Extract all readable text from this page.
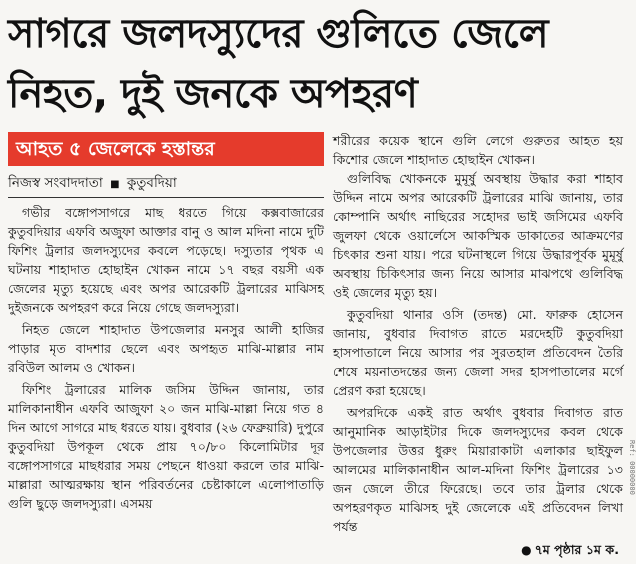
সাগরে জলদস্যুদের গুলিতে জেলে
নিহত, দুই জনকে অপহরণ
আহত ৫ জেলেকে হস্তান্তর
নিজস্ব সংবাদদাতা ■ কুতুবদিয়া

গভীর বঙ্গোপসাগরে মাছ ধরতে গিয়ে কক্সবাজারের কুতুবদিয়ার এফবি অজুফা আক্তার বানু ও আল মদিনা নামে দুটি ফিশিং ট্রলার জলদস্যুদের কবলে পড়েছে। দস্যুতার পৃথক এ ঘটনায় শাহাদাত হোছাইন খোকন নামে ১৭ বছর বয়সী এক জেলের মৃত্যু হয়েছে এবং অপর আরেকটি ট্রলারের মাঝিসহ দুইজনকে অপহরণ করে নিয়ে গেছে জলদস্যুরা।

নিহত জেলে শাহাদাত উপজেলার মনসুর আলী হাজির পাড়ার মৃত বাদশার ছেলে এবং অপহৃত মাঝি-মাল্লার নাম রবিউল আলম ও খোকন।

ফিশিং ট্রলারের মালিক জসিম উদ্দিন জানায়, তার মালিকানাধীন এফবি আজুফা ২০ জন মাঝি-মাল্লা নিয়ে গত ৪ দিন আগে সাগরে মাছ ধরতে যায়। বুধবার (২৬ ফেব্রুয়ারি) দুপুরে কুতুবদিয়া উপকূল থেকে প্রায় ৭০/৮০ কিলোমিটার দূর বঙ্গোপসাগরে মাছধরার সময় পেছনে ধাওয়া করলে তার মাঝি-মাল্লারা আত্মরক্ষায় স্থান পরিবর্তনের চেষ্টাকালে এলোপাতাড়ি গুলি ছুড়ে জলদস্যুরা। এসময়

শরীরের কয়েক স্থানে গুলি লেগে গুরুতর আহত হয় কিশোর জেলে শাহাদাত হোছাইন খোকন।

গুলিবিদ্ধ খোকনকে মুমূর্ষু অবস্থায় উদ্ধার করা শাহাব উদ্দিন নামে অপর আরেকটি ট্রলারের মাঝি জানায়, তার কোম্পানি অর্থাৎ নাছিরের সহোদর ভাই জসিমের এফবি জুলফা থেকে ওয়ার্লেসে আকস্মিক ডাকাতের আক্রমণের চিৎকার শুনা যায়। পরে ঘটনাস্থলে গিয়ে উদ্ধারপূর্বক মুমূর্ষু অবস্থায় চিকিৎসার জন্য নিয়ে আসার মাঝপথে গুলিবিদ্ধ ওই জেলের মৃত্যু হয়।

কুতুবদিয়া থানার ওসি (তদন্ত) মো. ফারুক হোসেন জানায়, বুধবার দিবাগত রাতে মরদেহটি কুতুবদিয়া হাসপাতালে নিয়ে আসার পর সুরতহাল প্রতিবেদন তৈরি শেষে ময়নাতদন্তের জন্য জেলা সদর হাসপাতালের মর্গে প্রেরণ করা হয়েছে।

অপরদিকে একই রাত অর্থাৎ বুধবার দিবাগত রাত আনুমানিক আড়াইটার দিকে জলদস্যুদের কবল থেকে উপজেলার উত্তর ধুরুং মিয়ারাকাটা এলাকার ছাইফুল আলমের মালিকানাধীন আল-মদিনা ফিশিং ট্রলারের ১৩ জন জেলে তীরে ফিরেছে। তবে তার ট্রলার থেকে অপহরণকৃত মাঝিসহ দুই জেলেকে এই প্রতিবেদন লিখা পর্যন্ত

● ৭ম পৃষ্ঠার ১ম ক.
Ref: 00000000
